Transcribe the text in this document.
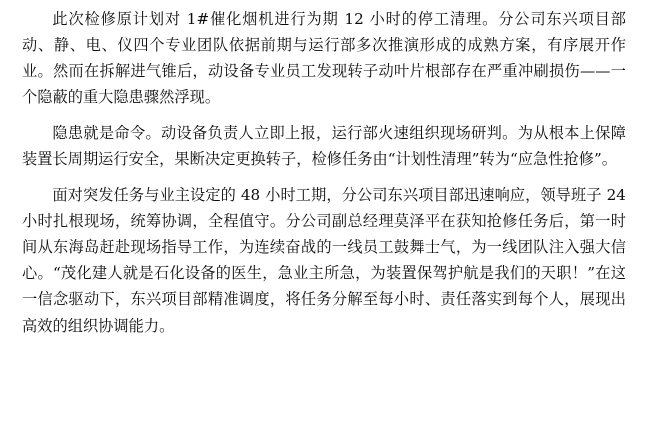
此次检修原计划对 1#催化烟机进行为期 12 小时的停工清理。分公司东兴项目部动、静、电、仪四个专业团队依据前期与运行部多次推演形成的成熟方案，有序展开作业。然而在拆解进气锥后，动设备专业员工发现转子动叶片根部存在严重冲刷损伤——一个隐蔽的重大隐患骤然浮现。

隐患就是命令。动设备负责人立即上报，运行部火速组织现场研判。为从根本上保障装置长周期运行安全，果断决定更换转子，检修任务由“计划性清理”转为“应急性抢修”。

面对突发任务与业主设定的 48 小时工期，分公司东兴项目部迅速响应，领导班子 24 小时扎根现场，统筹协调，全程值守。分公司副总经理莫泽平在获知抢修任务后，第一时间从东海岛赶赴现场指导工作，为连续奋战的一线员工鼓舞士气，为一线团队注入强大信心。“茂化建人就是石化设备的医生，急业主所急，为装置保驾护航是我们的天职！”在这一信念驱动下，东兴项目部精准调度，将任务分解至每小时、责任落实到每个人，展现出高效的组织协调能力。
